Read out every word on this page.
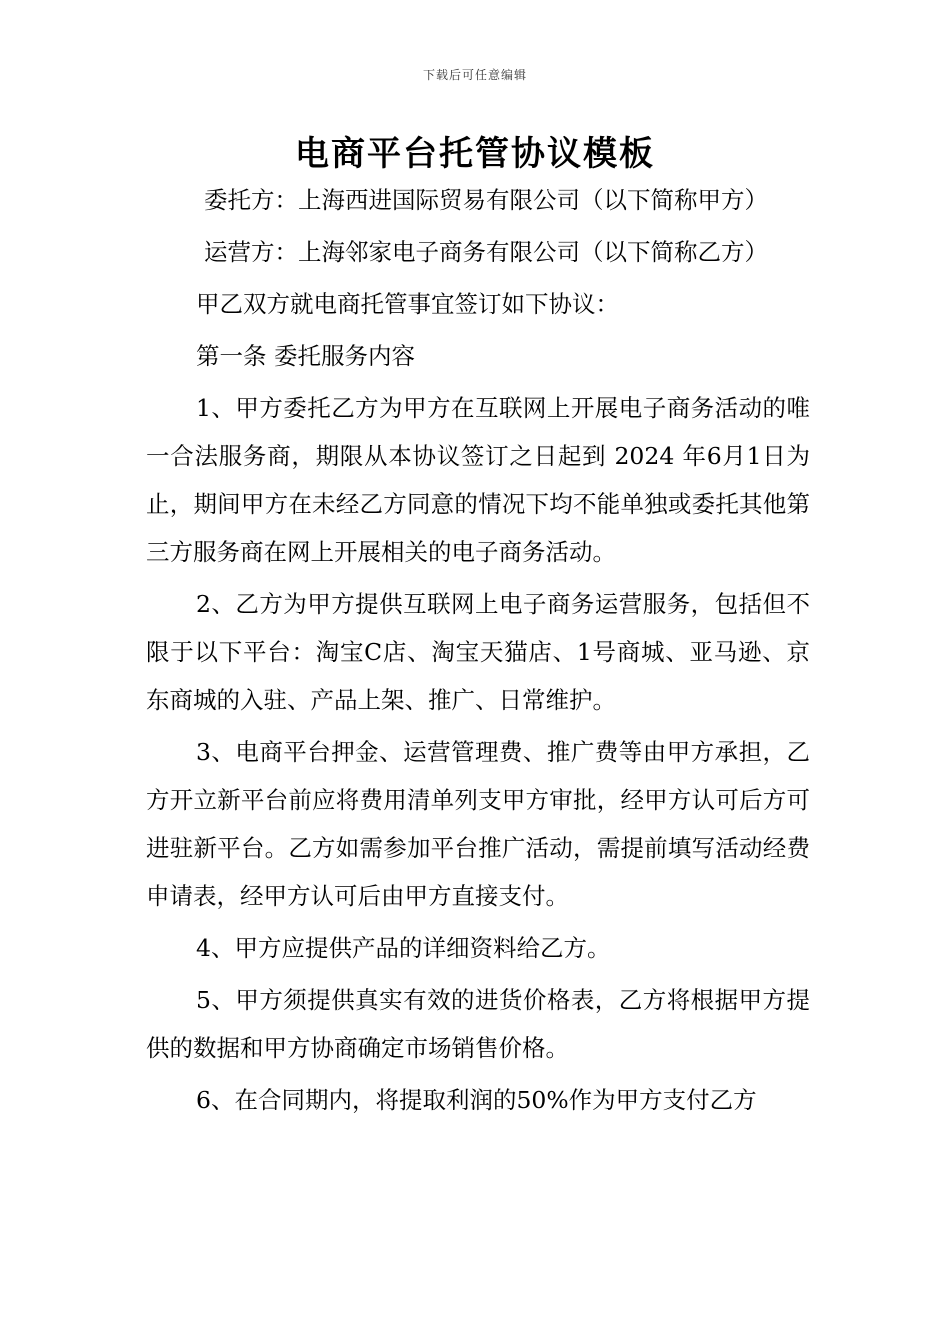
下载后可任意编辑
电商平台托管协议模板

委托方：上海西进国际贸易有限公司（以下简称甲方）

运营方：上海邻家电子商务有限公司（以下简称乙方）

甲乙双方就电商托管事宜签订如下协议：

第一条 委托服务内容

1、甲方委托乙方为甲方在互联网上开展电子商务活动的唯一合法服务商，期限从本协议签订之日起到 2024 年6月1日为止，期间甲方在未经乙方同意的情况下均不能单独或委托其他第三方服务商在网上开展相关的电子商务活动。

2、乙方为甲方提供互联网上电子商务运营服务，包括但不限于以下平台：淘宝C店、淘宝天猫店、1号商城、亚马逊、京东商城的入驻、产品上架、推广、日常维护。

3、电商平台押金、运营管理费、推广费等由甲方承担，乙方开立新平台前应将费用清单列支甲方审批，经甲方认可后方可进驻新平台。乙方如需参加平台推广活动，需提前填写活动经费申请表，经甲方认可后由甲方直接支付。

4、甲方应提供产品的详细资料给乙方。

5、甲方须提供真实有效的进货价格表，乙方将根据甲方提供的数据和甲方协商确定市场销售价格。

6、在合同期内，将提取利润的50%作为甲方支付乙方
